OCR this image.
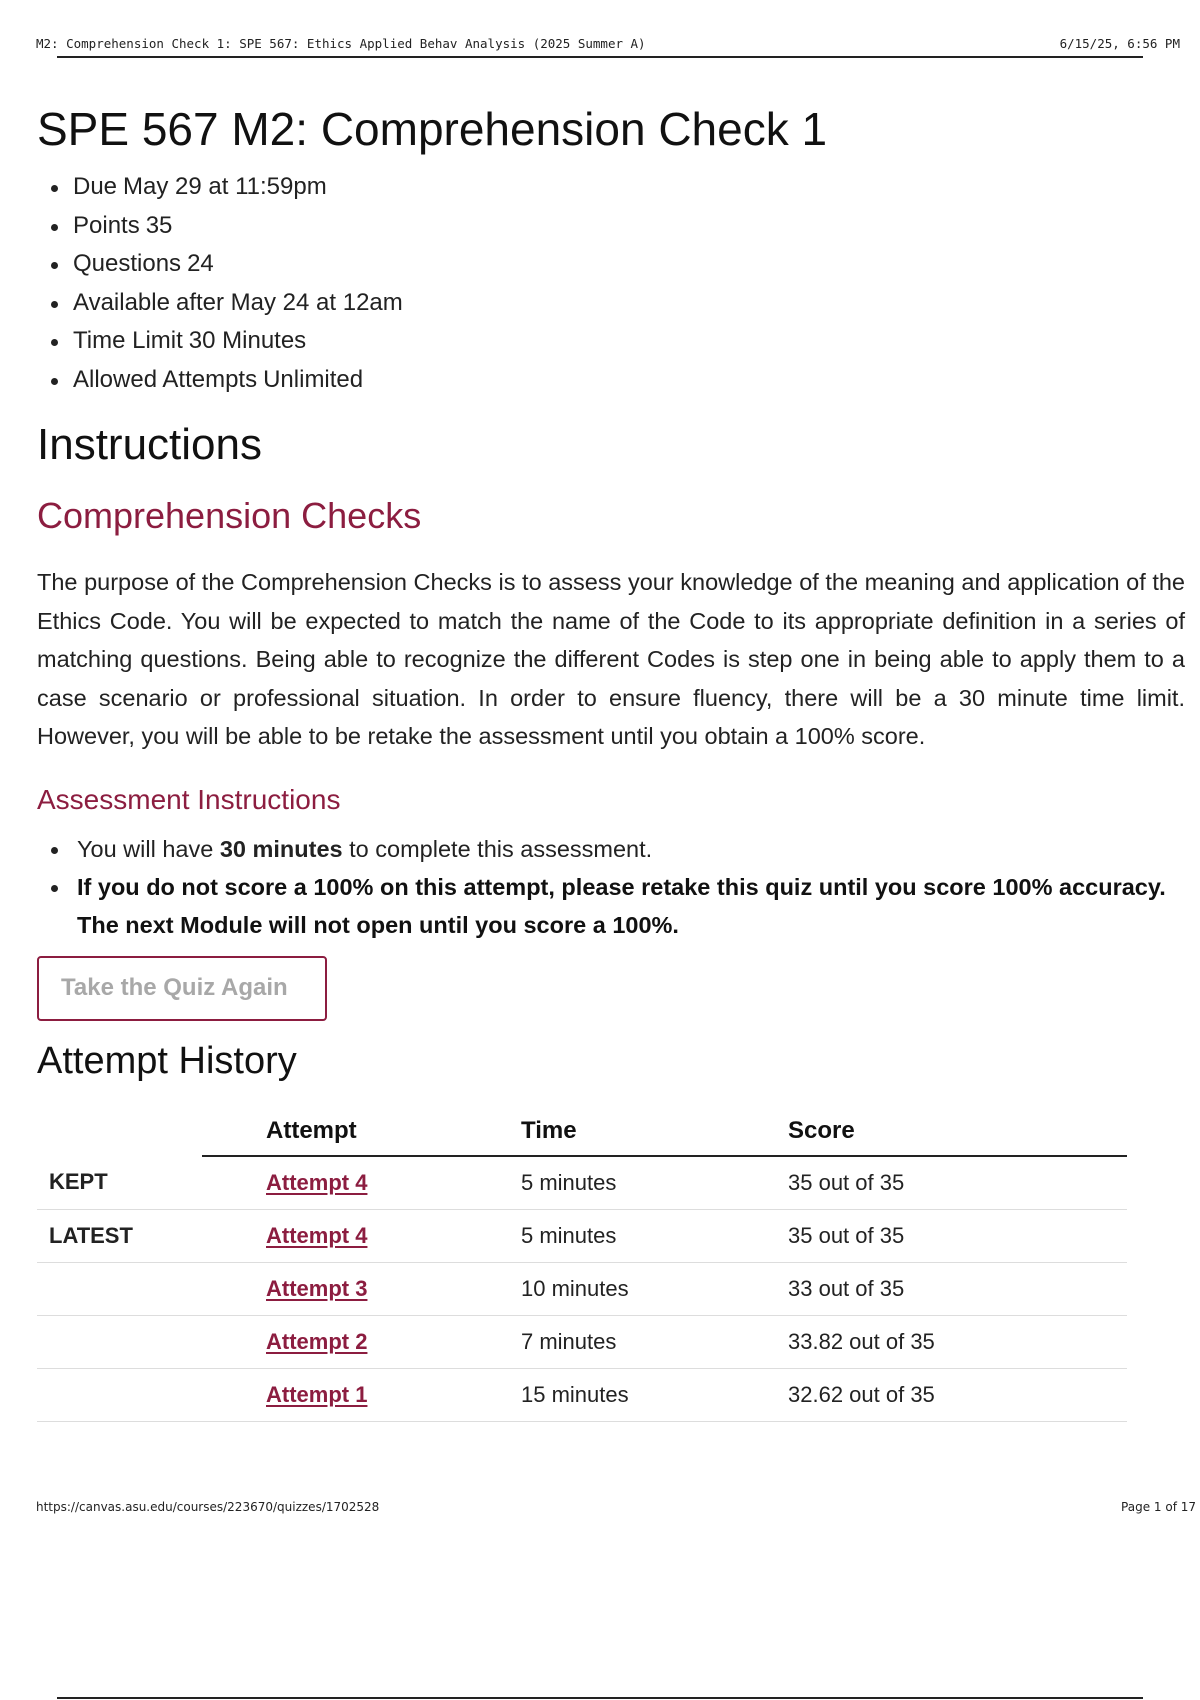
M2: Comprehension Check 1: SPE 567: Ethics Applied Behav Analysis (2025 Summer A)	6/15/25, 6:56 PM
SPE 567 M2: Comprehension Check 1
Due May 29 at 11:59pm
Points 35
Questions 24
Available after May 24 at 12am
Time Limit 30 Minutes
Allowed Attempts Unlimited
Instructions
Comprehension Checks

The purpose of the Comprehension Checks is to assess your knowledge of the meaning and application of the Ethics Code. You will be expected to match the name of the Code to its appropriate definition in a series of matching questions. Being able to recognize the different Codes is step one in being able to apply them to a case scenario or professional situation. In order to ensure fluency, there will be a 30 minute time limit. However, you will be able to be retake the assessment until you obtain a 100% score.

Assessment Instructions
You will have 30 minutes to complete this assessment.
If you do not score a 100% on this attempt, please retake this quiz until you score 100% accuracy. The next Module will not open until you score a 100%.
Take the Quiz Again
Attempt History
	Attempt	Time	Score
KEPT	Attempt 4	5 minutes	35 out of 35
LATEST	Attempt 4	5 minutes	35 out of 35
	Attempt 3	10 minutes	33 out of 35
	Attempt 2	7 minutes	33.82 out of 35
	Attempt 1	15 minutes	32.62 out of 35
https://canvas.asu.edu/courses/223670/quizzes/1702528	Page 1 of 17
